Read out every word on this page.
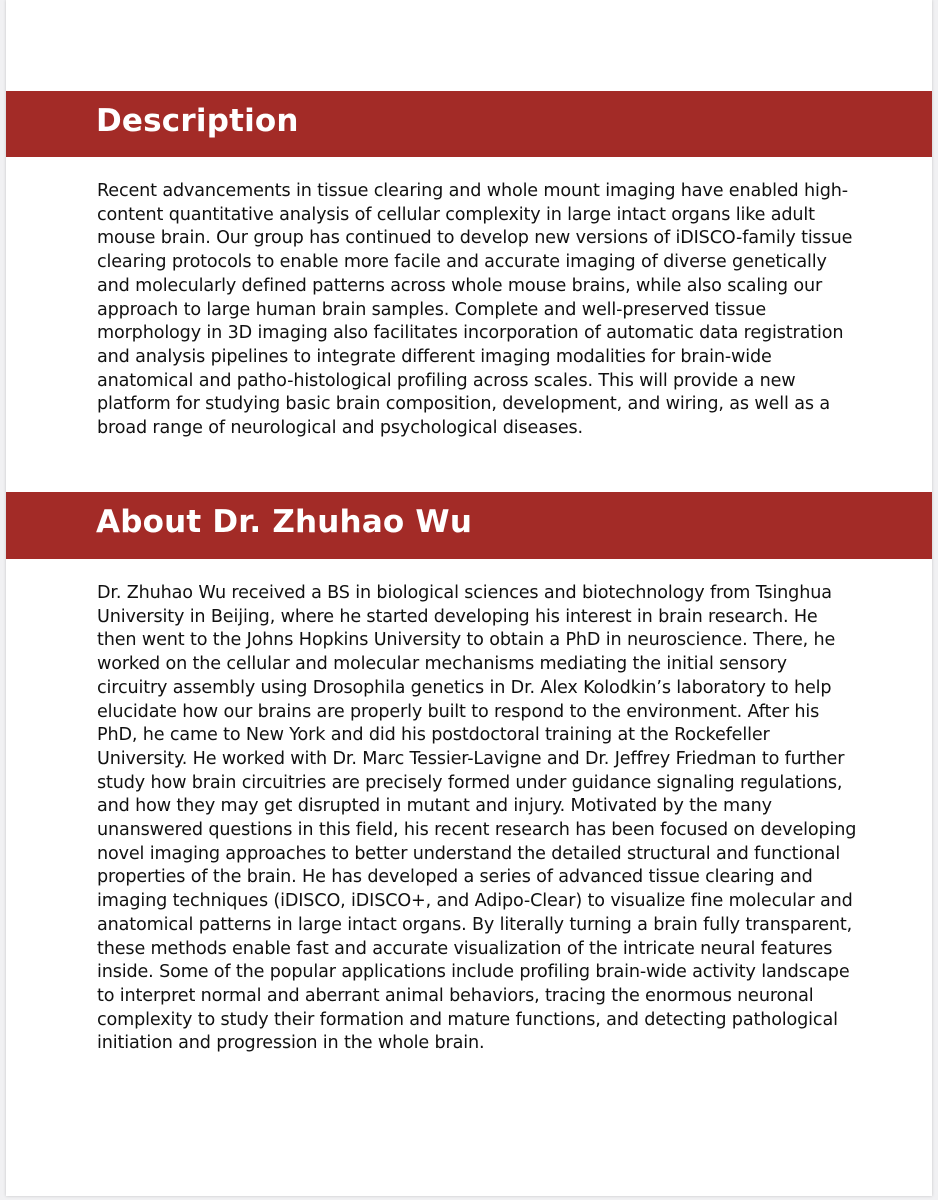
Description

Recent advancements in tissue clearing and whole mount imaging have enabled high-content quantitative analysis of cellular complexity in large intact organs like adult mouse brain. Our group has continued to develop new versions of iDISCO-family tissue clearing protocols to enable more facile and accurate imaging of diverse genetically and molecularly defined patterns across whole mouse brains, while also scaling our approach to large human brain samples. Complete and well-preserved tissue morphology in 3D imaging also facilitates incorporation of automatic data registration and analysis pipelines to integrate different imaging modalities for brain-wide anatomical and patho-histological profiling across scales. This will provide a new platform for studying basic brain composition, development, and wiring, as well as a broad range of neurological and psychological diseases.

About Dr. Zhuhao Wu

Dr. Zhuhao Wu received a BS in biological sciences and biotechnology from Tsinghua University in Beijing, where he started developing his interest in brain research. He then went to the Johns Hopkins University to obtain a PhD in neuroscience. There, he worked on the cellular and molecular mechanisms mediating the initial sensory circuitry assembly using Drosophila genetics in Dr. Alex Kolodkin’s laboratory to help elucidate how our brains are properly built to respond to the environment. After his PhD, he came to New York and did his postdoctoral training at the Rockefeller University. He worked with Dr. Marc Tessier-Lavigne and Dr. Jeffrey Friedman to further study how brain circuitries are precisely formed under guidance signaling regulations, and how they may get disrupted in mutant and injury. Motivated by the many unanswered questions in this field, his recent research has been focused on developing novel imaging approaches to better understand the detailed structural and functional properties of the brain. He has developed a series of advanced tissue clearing and imaging techniques (iDISCO, iDISCO+, and Adipo-Clear) to visualize fine molecular and anatomical patterns in large intact organs. By literally turning a brain fully transparent, these methods enable fast and accurate visualization of the intricate neural features inside. Some of the popular applications include profiling brain-wide activity landscape to interpret normal and aberrant animal behaviors, tracing the enormous neuronal complexity to study their formation and mature functions, and detecting pathological initiation and progression in the whole brain.
